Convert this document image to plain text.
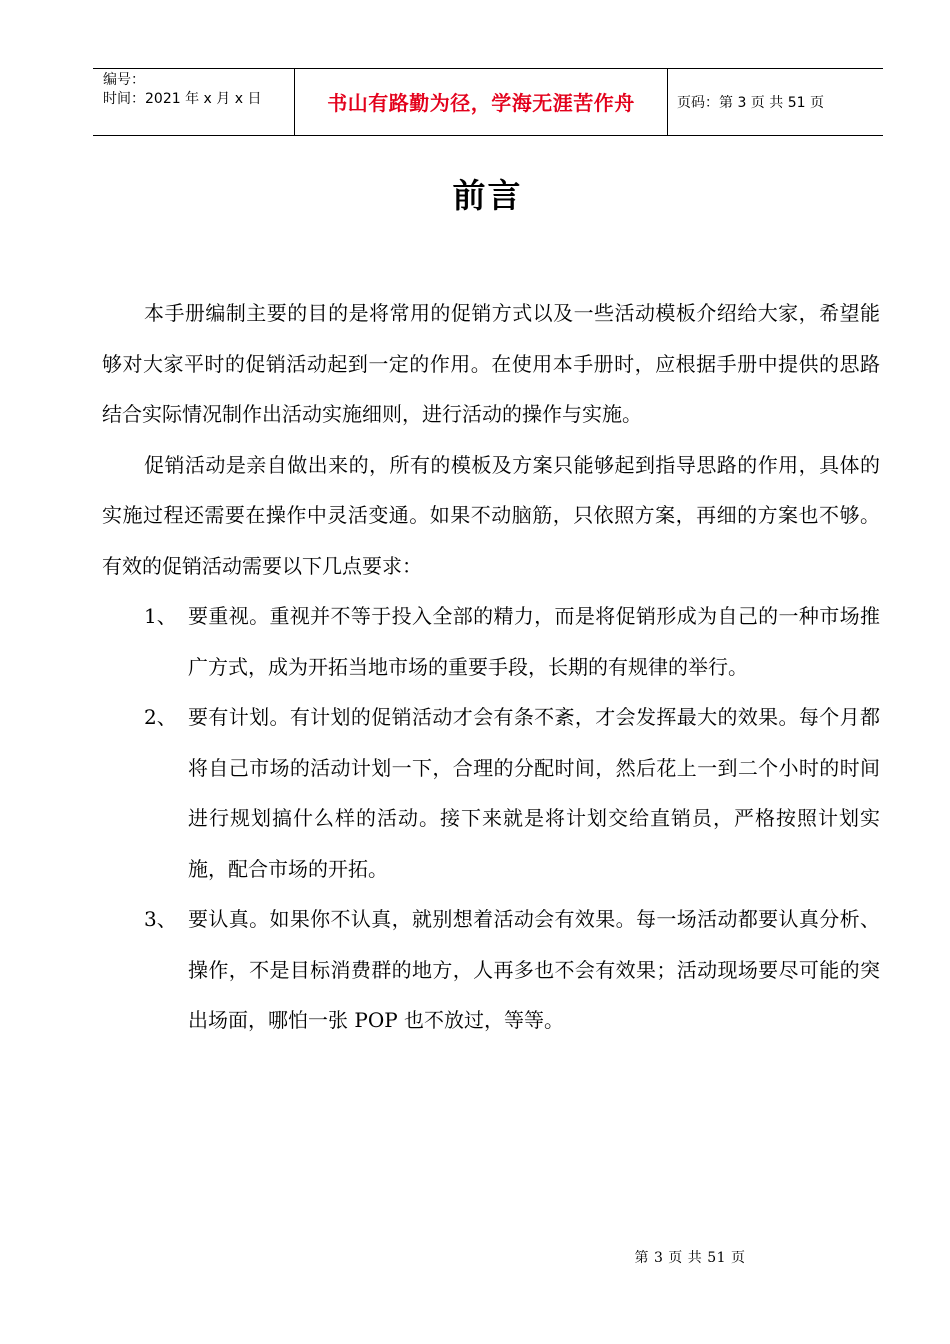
编号：
时间：2021 年 x 月 x 日	书山有路勤为径，学海无涯苦作舟	页码：第 3 页 共 51 页
前言

本手册编制主要的目的是将常用的促销方式以及一些活动模板介绍给大家，希望能够对大家平时的促销活动起到一定的作用。在使用本手册时，应根据手册中提供的思路结合实际情况制作出活动实施细则，进行活动的操作与实施。

促销活动是亲自做出来的，所有的模板及方案只能够起到指导思路的作用，具体的实施过程还需要在操作中灵活变通。如果不动脑筋，只依照方案，再细的方案也不够。有效的促销活动需要以下几点要求：

1、 要重视。重视并不等于投入全部的精力，而是将促销形成为自己的一种市场推广方式，成为开拓当地市场的重要手段，长期的有规律的举行。
2、 要有计划。有计划的促销活动才会有条不紊，才会发挥最大的效果。每个月都将自己市场的活动计划一下，合理的分配时间，然后花上一到二个小时的时间进行规划搞什么样的活动。接下来就是将计划交给直销员，严格按照计划实施，配合市场的开拓。
3、 要认真。如果你不认真，就别想着活动会有效果。每一场活动都要认真分析、操作，不是目标消费群的地方，人再多也不会有效果；活动现场要尽可能的突出场面，哪怕一张 POP 也不放过，等等。
第 3 页 共 51 页
